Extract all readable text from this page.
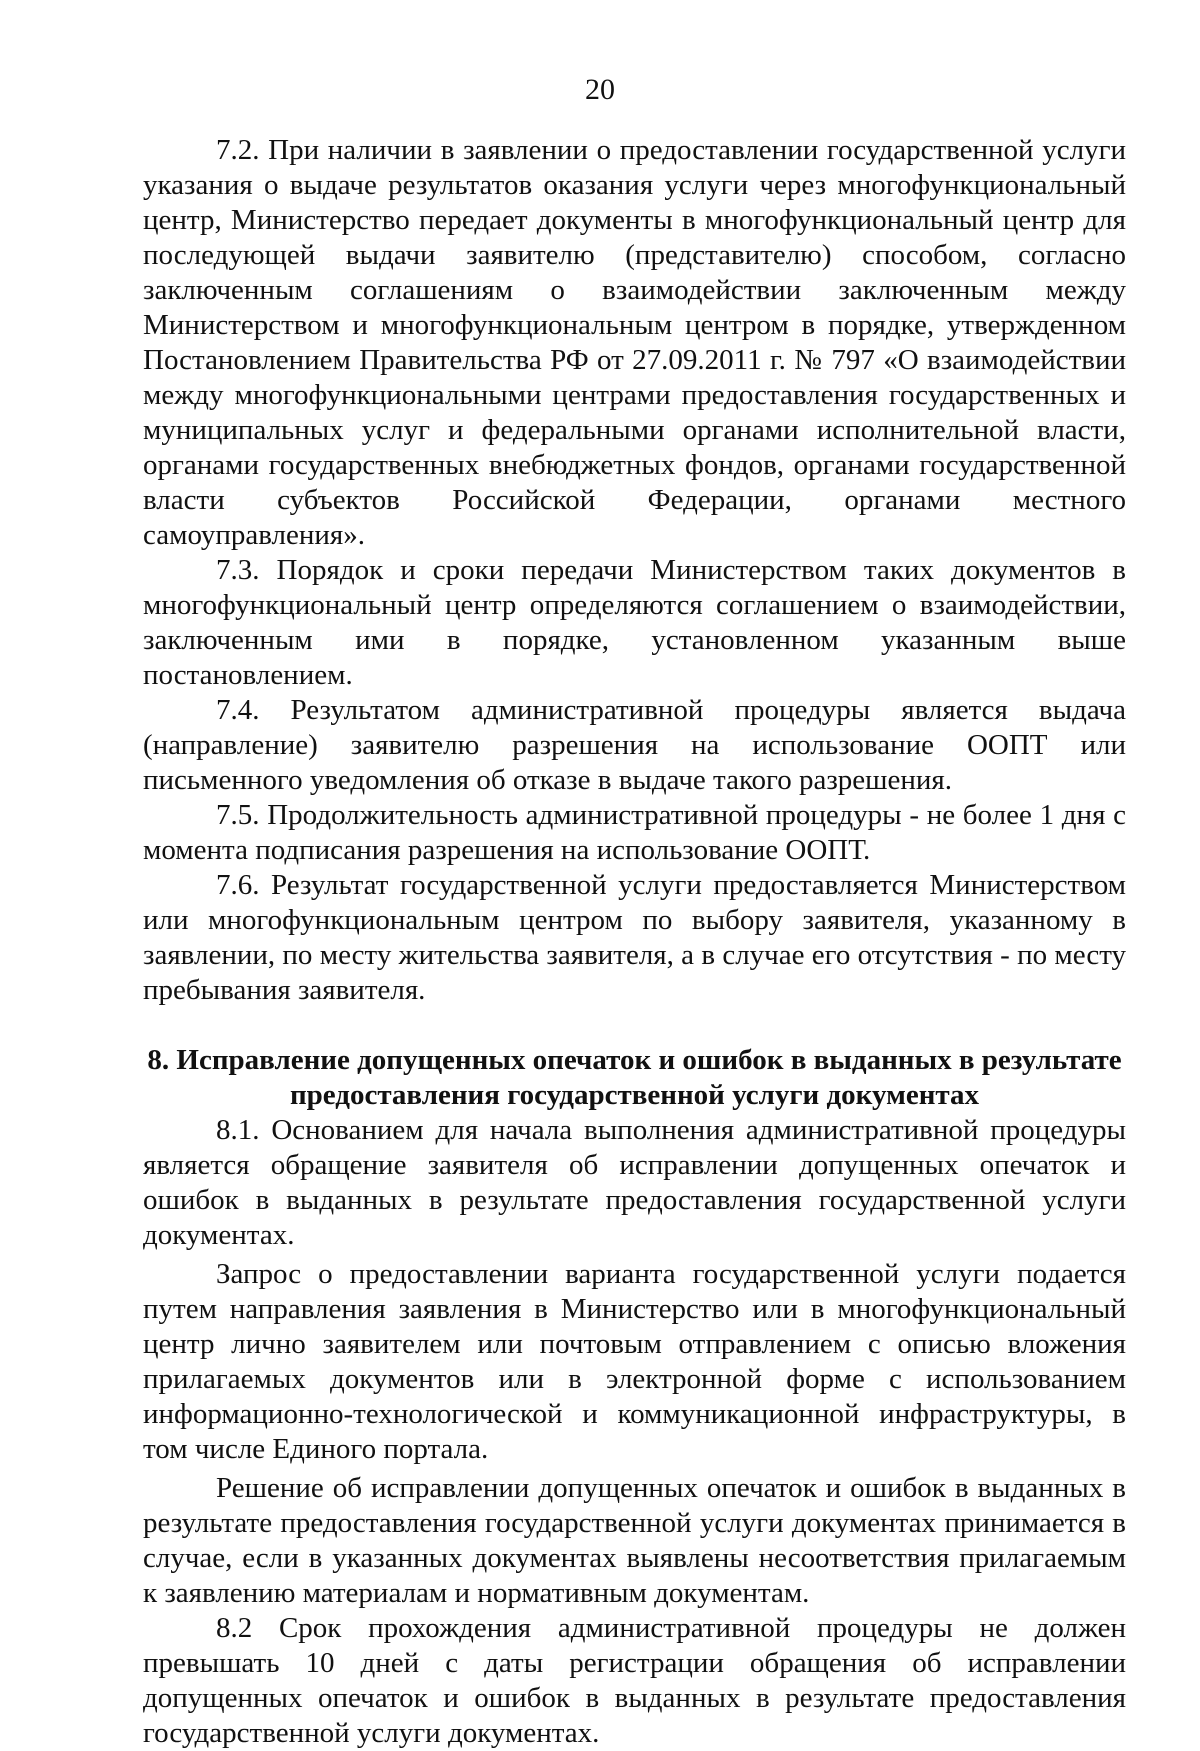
20

7.2. При наличии в заявлении о предоставлении государственной услуги указания о выдаче результатов оказания услуги через многофункциональный центр, Министерство передает документы в многофункциональный центр для последующей выдачи заявителю (представителю) способом, согласно заключенным соглашениям о взаимодействии заключенным между Министерством и многофункциональным центром в порядке, утвержденном Постановлением Правительства РФ от 27.09.2011 г. № 797 «О взаимодействии между многофункциональными центрами предоставления государственных и муниципальных услуг и федеральными органами исполнительной власти, органами государственных внебюджетных фондов, органами государственной власти субъектов Российской Федерации, органами местного самоуправления».

7.3. Порядок и сроки передачи Министерством таких документов в многофункциональный центр определяются соглашением о взаимодействии, заключенным ими в порядке, установленном указанным выше постановлением.

7.4. Результатом административной процедуры является выдача (направление) заявителю разрешения на использование ООПТ или письменного уведомления об отказе в выдаче такого разрешения.

7.5. Продолжительность административной процедуры - не более 1 дня с момента подписания разрешения на использование ООПТ.

7.6. Результат государственной услуги предоставляется Министерством или многофункциональным центром по выбору заявителя, указанному в заявлении, по месту жительства заявителя, а в случае его отсутствия - по месту пребывания заявителя.

8. Исправление допущенных опечаток и ошибок в выданных в результате

предоставления государственной услуги документах

8.1. Основанием для начала выполнения административной процедуры является обращение заявителя об исправлении допущенных опечаток и ошибок в выданных в результате предоставления государственной услуги документах.

Запрос о предоставлении варианта государственной услуги подается путем направления заявления в Министерство или в многофункциональный центр лично заявителем или почтовым отправлением с описью вложения прилагаемых документов или в электронной форме с использованием информационно-технологической и коммуникационной инфраструктуры, в том числе Единого портала.

Решение об исправлении допущенных опечаток и ошибок в выданных в результате предоставления государственной услуги документах принимается в случае, если в указанных документах выявлены несоответствия прилагаемым к заявлению материалам и нормативным документам.

8.2 Срок прохождения административной процедуры не должен превышать 10 дней с даты регистрации обращения об исправлении допущенных опечаток и ошибок в выданных в результате предоставления государственной услуги документах.
